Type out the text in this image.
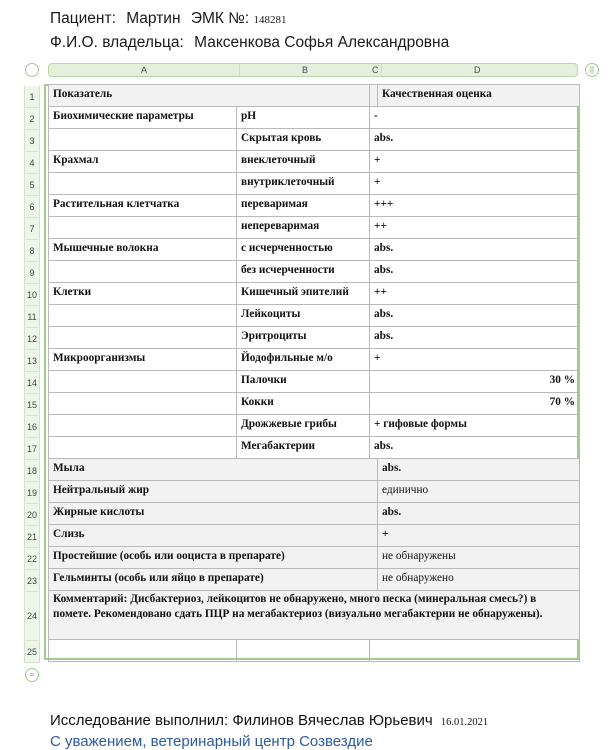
Пациент: Мартин ЭМК №: 148281
Ф.И.О. владельца: Максенкова Софья Александровна
||
=
A	B	C	D
1
2
3
4
5
6
7
8
9
10
11
12
13
14
15
16
17
18
19
20
21
22
23
24
25
Показатель			Качественная оценка
Биохимические параметры	pH	-	
	Скрытая кровь	abs.	
Крахмал	внеклеточный	+	
	внутриклеточный	+	
Растительная клетчатка	переваримая	+++	
	непереваримая	++	
Мышечные волокна	с исчерченностью	abs.	
	без исчерченности	abs.	
Клетки	Кишечный эпителий	++	
	Лейкоциты	abs.	
	Эритроциты	abs.	
Микроорганизмы	Йодофильные м/о	+	
	Палочки	30 %	
	Кокки	70 %	
	Дрожжевые грибы	+ гифовые формы	
	Мегабактерии	abs.	
Мыла			abs.
Нейтральный жир			единично
Жирные кислоты			abs.
Слизь			+
Простейшие (особь или ооциста в препарате)			не обнаружены
Гельминты (особь или яйцо в препарате)			не обнаружено
Комментарий: Дисбактериоз, лейкоцитов не обнаружено, много песка (минеральная смесь?) в помете. Рекомендовано сдать ПЦР на мегабактериоз (визуально мегабактерии не обнаружены).			

Исследование выполнил: Филинов Вячеслав Юрьевич 16.01.2021
С уважением, ветеринарный центр Созвездие
